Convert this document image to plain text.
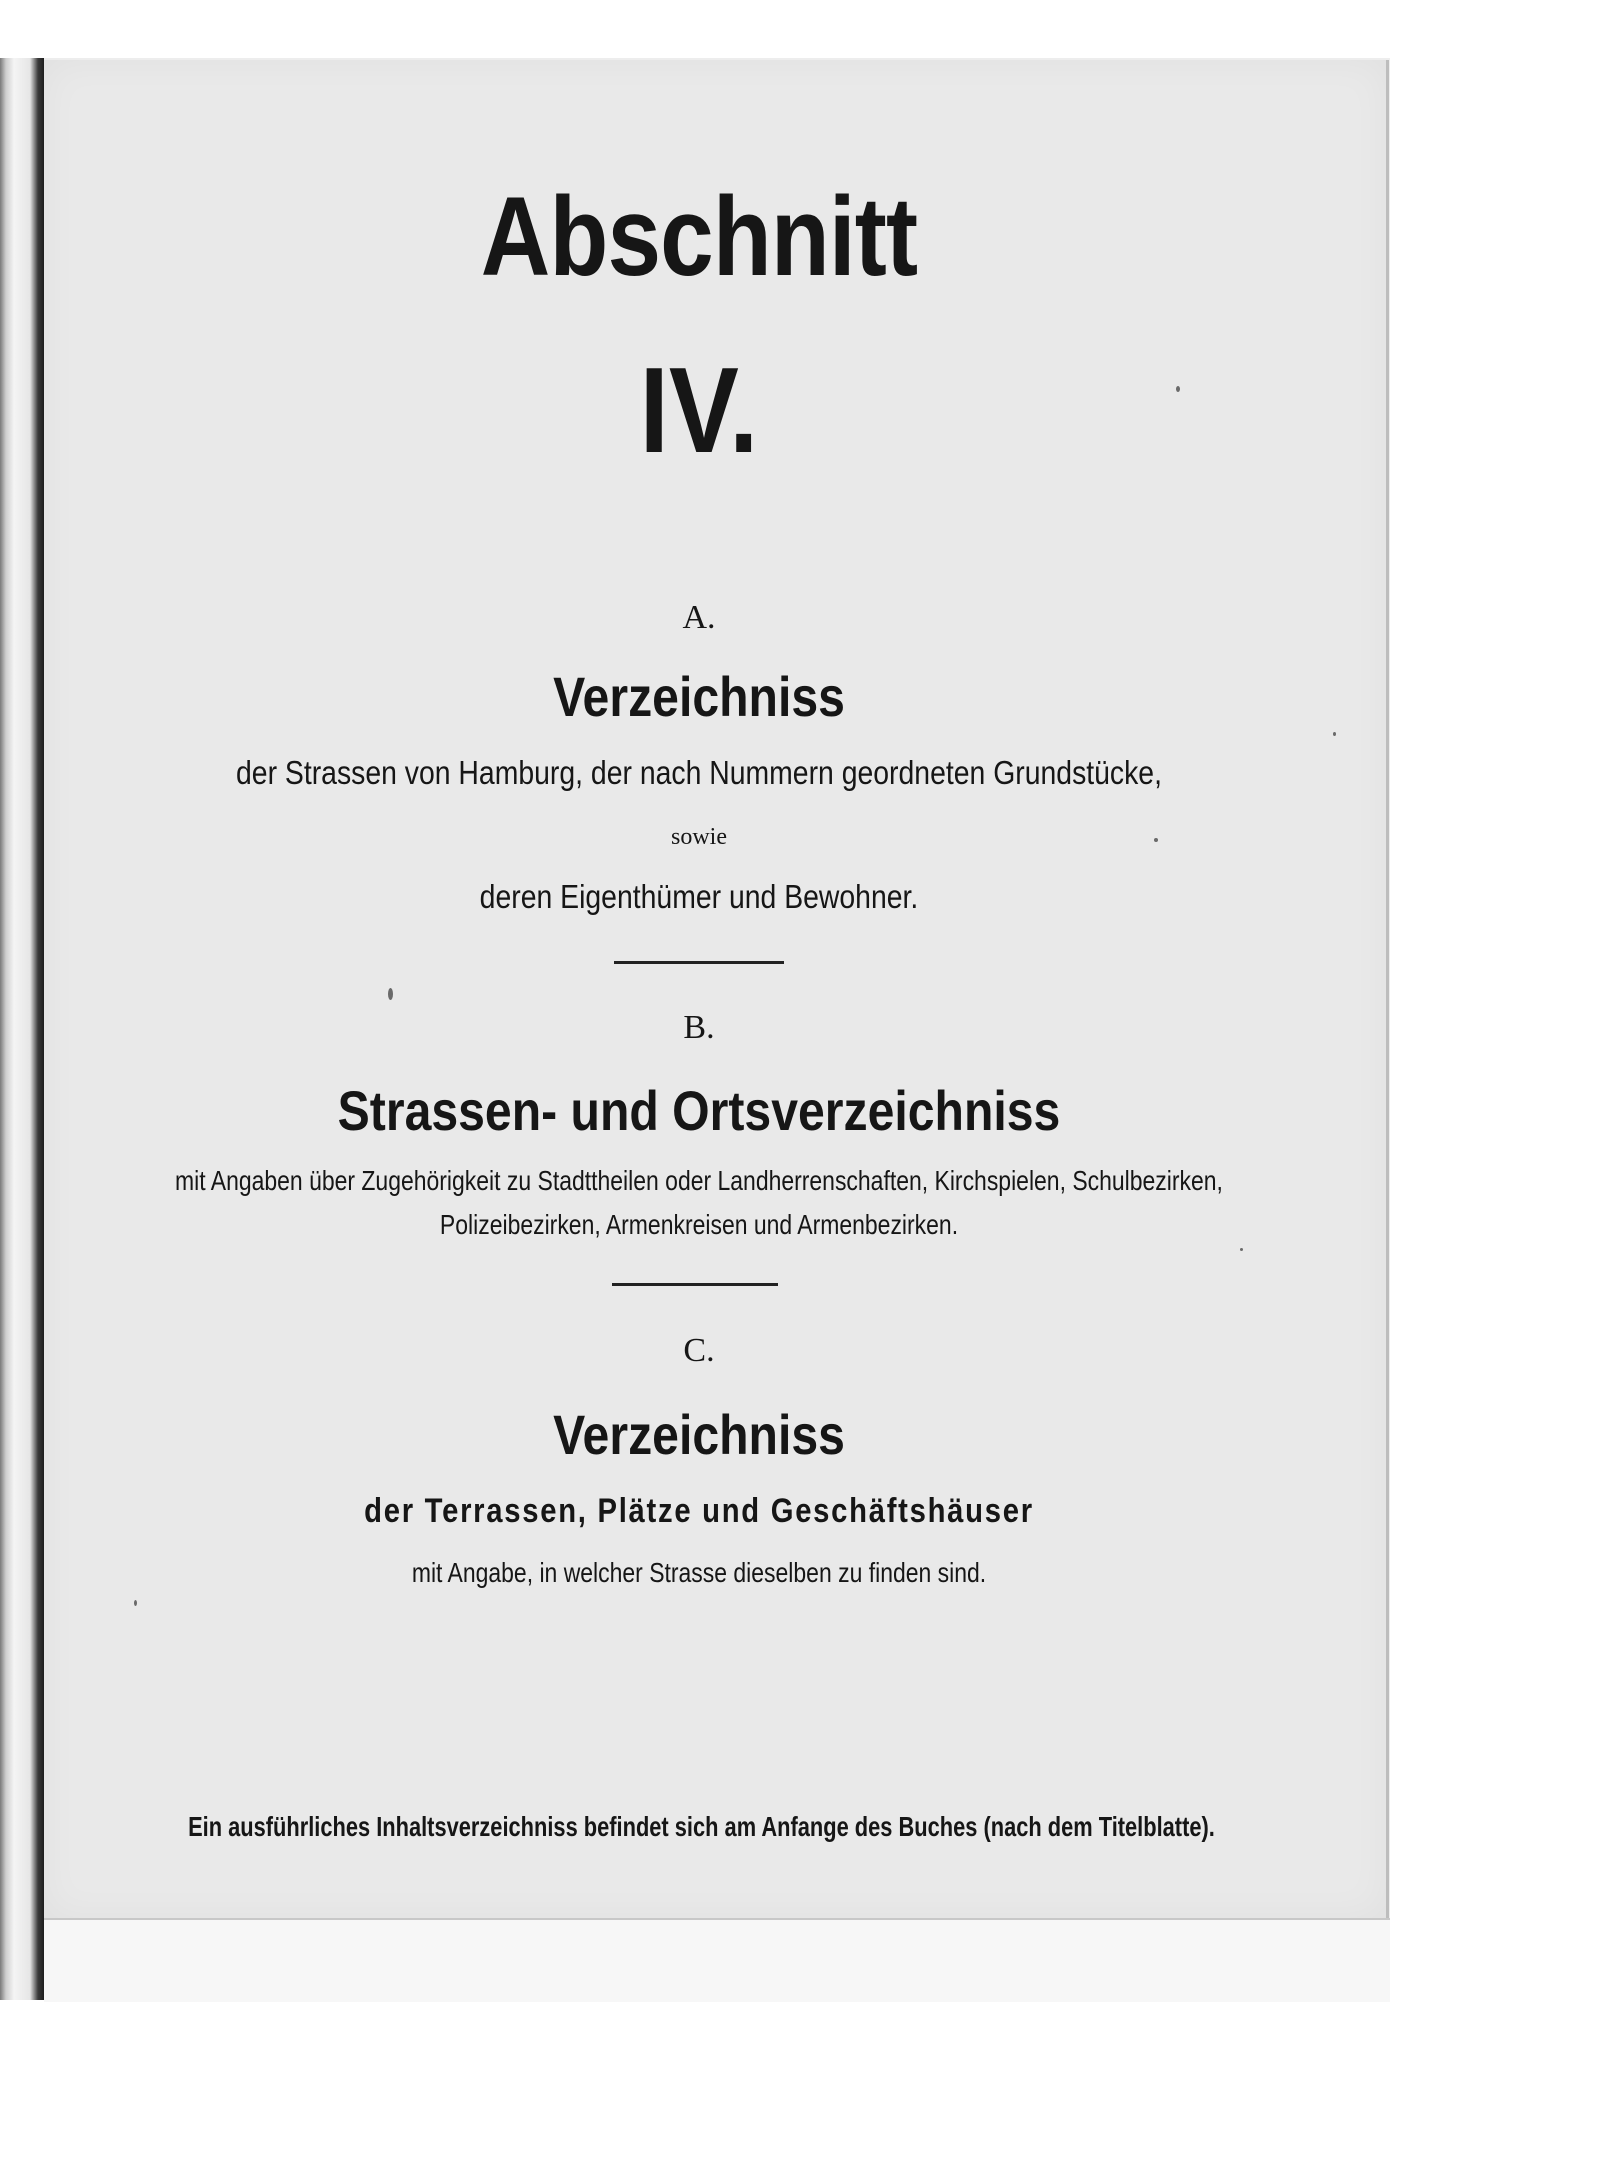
Abschnitt
IV.
A.
Verzeichniss
der Strassen von Hamburg, der nach Nummern geordneten Grundstücke,
sowie
deren Eigenthümer und Bewohner.
B.
Strassen- und Ortsverzeichniss
mit Angaben über Zugehörigkeit zu Stadttheilen oder Landherrenschaften, Kirchspielen, Schulbezirken,
Polizeibezirken, Armenkreisen und Armenbezirken.
C.
Verzeichniss
der Terrassen, Plätze und Geschäftshäuser
mit Angabe, in welcher Strasse dieselben zu finden sind.
Ein ausführliches Inhaltsverzeichniss befindet sich am Anfange des Buches (nach dem Titelblatte).
